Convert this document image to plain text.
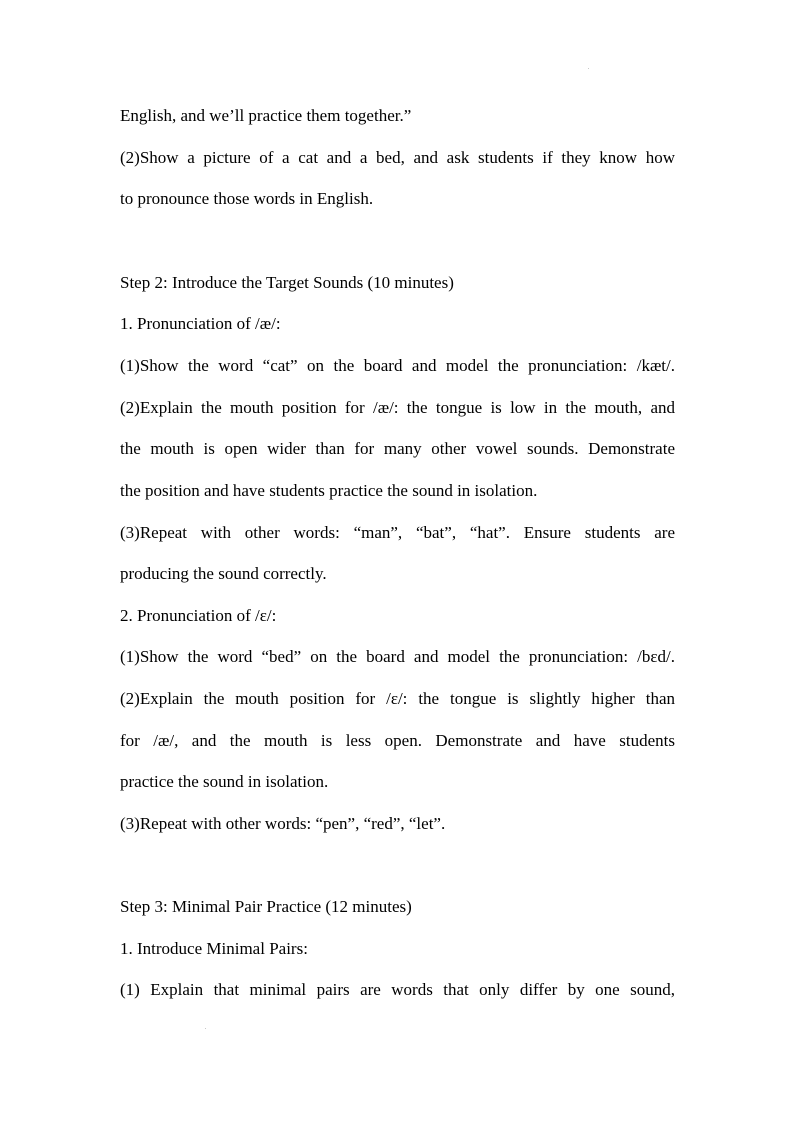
English, and we’ll practice them together.”
(2)Show a picture of a cat and a bed, and ask students if they know how
to pronounce those words in English.
Step 2: Introduce the Target Sounds (10 minutes)
1. Pronunciation of /æ/:
(1)Show the word “cat” on the board and model the pronunciation: /kæt/.
(2)Explain the mouth position for /æ/: the tongue is low in the mouth, and
the mouth is open wider than for many other vowel sounds. Demonstrate
the position and have students practice the sound in isolation.
(3)Repeat with other words: “man”, “bat”, “hat”. Ensure students are
producing the sound correctly.
2. Pronunciation of /ɛ/:
(1)Show the word “bed” on the board and model the pronunciation: /bɛd/.
(2)Explain the mouth position for /ɛ/: the tongue is slightly higher than
for /æ/, and the mouth is less open. Demonstrate and have students
practice the sound in isolation.
(3)Repeat with other words: “pen”, “red”, “let”.
Step 3: Minimal Pair Practice (12 minutes)
1. Introduce Minimal Pairs:
(1) Explain that minimal pairs are words that only differ by one sound,
